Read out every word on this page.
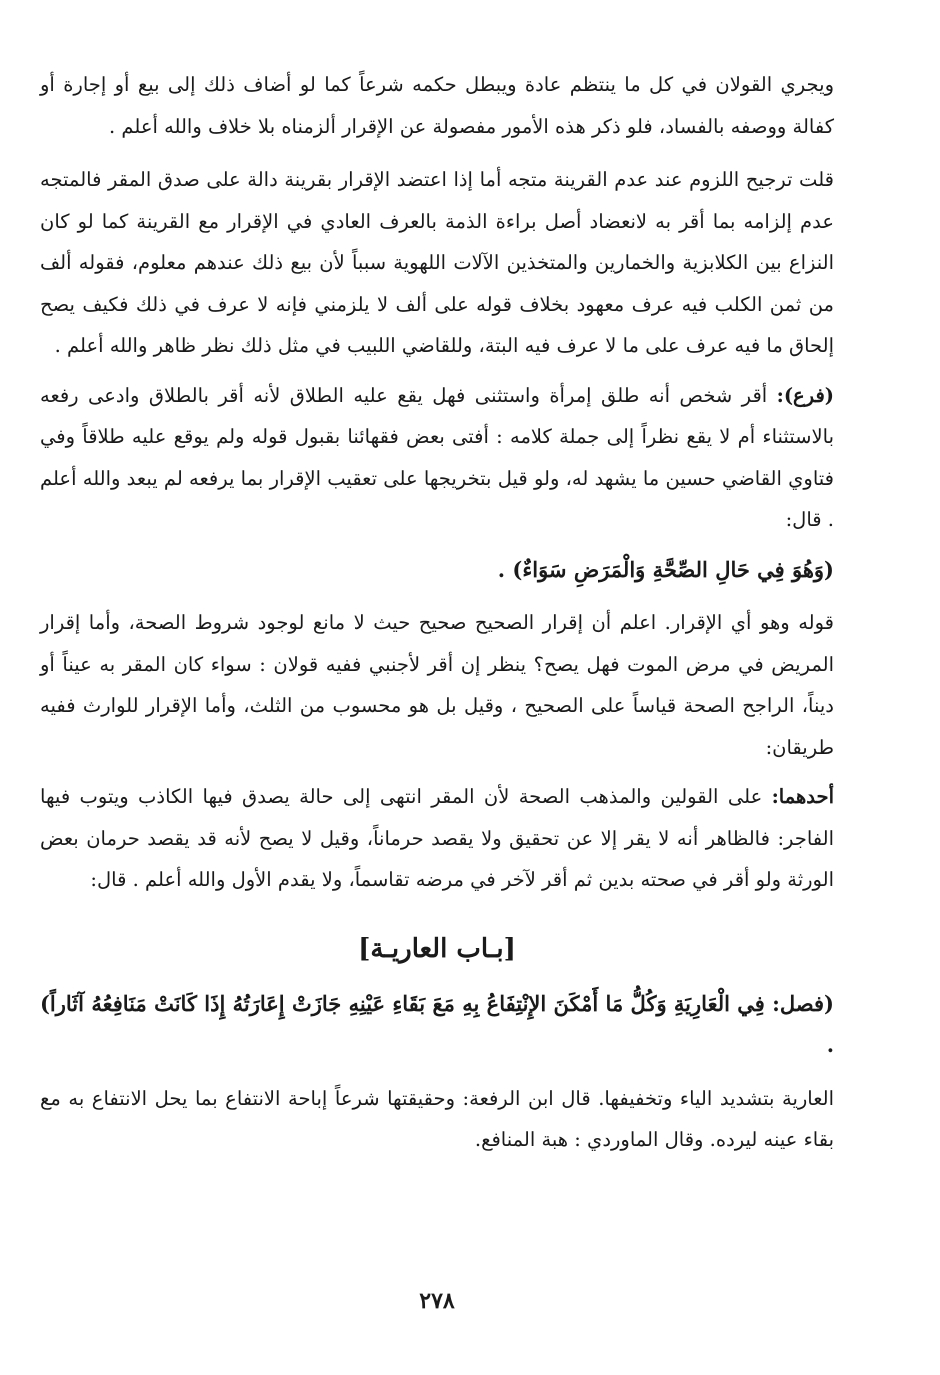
ويجري القولان في كل ما ينتظم عادة ويبطل حكمه شرعاً كما لو أضاف ذلك إلى بيع أو إجارة أو كفالة ووصفه بالفساد، فلو ذكر هذه الأمور مفصولة عن الإقرار ألزمناه بلا خلاف والله أعلم .

قلت ترجيح اللزوم عند عدم القرينة متجه أما إذا اعتضد الإقرار بقرينة دالة على صدق المقر فالمتجه عدم إلزامه بما أقر به لانعضاد أصل براءة الذمة بالعرف العادي في الإقرار مع القرينة كما لو كان النزاع بين الكلابزية والخمارين والمتخذين الآلات اللهوية سبباً لأن بيع ذلك عندهم معلوم، فقوله ألف من ثمن الكلب فيه عرف معهود بخلاف قوله على ألف لا يلزمني فإنه لا عرف في ذلك فكيف يصح إلحاق ما فيه عرف على ما لا عرف فيه البتة، وللقاضي اللبيب في مثل ذلك نظر ظاهر والله أعلم .

(فرع): أقر شخص أنه طلق إمرأة واستثنى فهل يقع عليه الطلاق لأنه أقر بالطلاق وادعى رفعه بالاستثناء أم لا يقع نظراً إلى جملة كلامه : أفتى بعض فقهائنا بقبول قوله ولم يوقع عليه طلاقاً وفي فتاوي القاضي حسين ما يشهد له، ولو قيل بتخريجها على تعقيب الإقرار بما يرفعه لم يبعد والله أعلم . قال:

(وَهُوَ فِي حَالِ الصِّحَّةِ وَالْمَرَضِ سَوَاءٌ) .

قوله وهو أي الإقرار. اعلم أن إقرار الصحيح صحيح حيث لا مانع لوجود شروط الصحة، وأما إقرار المريض في مرض الموت فهل يصح؟ ينظر إن أقر لأجنبي ففيه قولان : سواء كان المقر به عيناً أو ديناً، الراجح الصحة قياساً على الصحيح ، وقيل بل هو محسوب من الثلث، وأما الإقرار للوارث ففيه طريقان:

أحدهما: على القولين والمذهب الصحة لأن المقر انتهى إلى حالة يصدق فيها الكاذب ويتوب فيها الفاجر: فالظاهر أنه لا يقر إلا عن تحقيق ولا يقصد حرماناً، وقيل لا يصح لأنه قد يقصد حرمان بعض الورثة ولو أقر في صحته بدين ثم أقر لآخر في مرضه تقاسماً، ولا يقدم الأول والله أعلم . قال:

[بـاب العاريـة]

(فصل: فِي الْعَارِيَةِ وَكُلُّ مَا أَمْكَنَ الإِنْتِفَاعُ بِهِ مَعَ بَقَاءِ عَيْنِهِ جَازَتْ إِعَارَتُهُ إِذَا كَانَتْ مَنَافِعُهُ آثَاراً) .

العارية بتشديد الياء وتخفيفها. قال ابن الرفعة: وحقيقتها شرعاً إباحة الانتفاع بما يحل الانتفاع به مع بقاء عينه ليرده. وقال الماوردي : هبة المنافع.

٢٧٨
